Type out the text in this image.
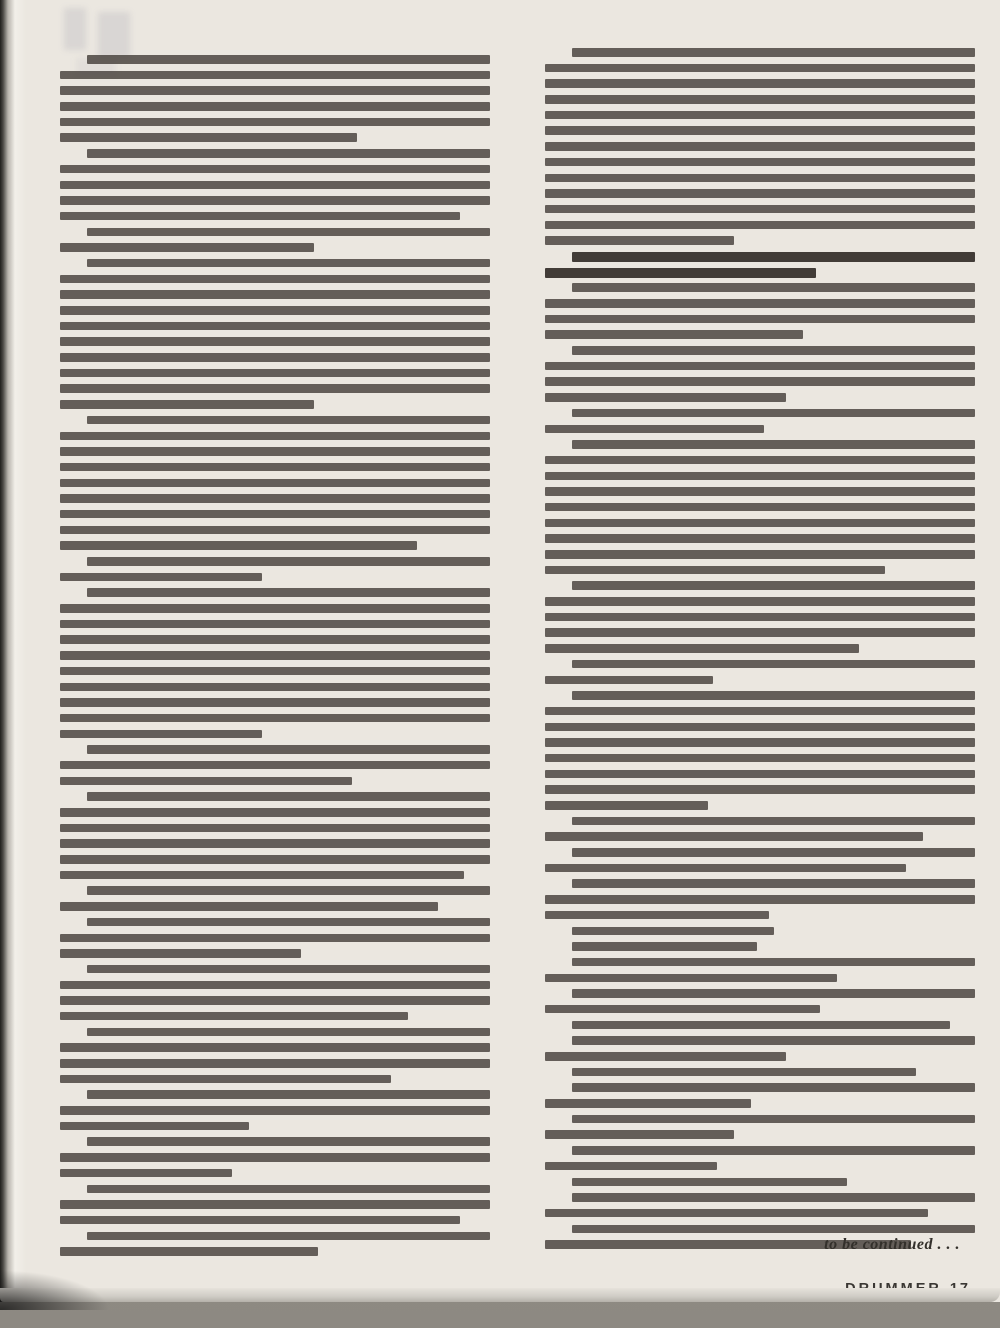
to be continued . . .
